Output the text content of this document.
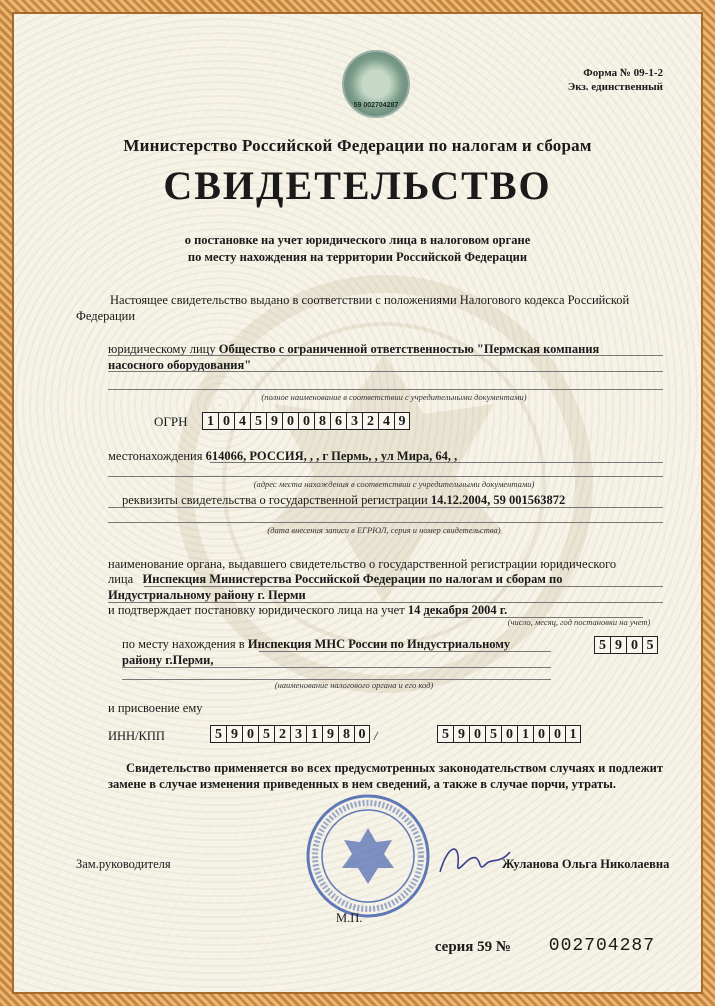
59 002704287
Форма № 09-1-2
Экз. единственный
Министерство Российской Федерации по налогам и сборам
СВИДЕТЕЛЬСТВО
о постановке на учет юридического лица в налоговом органе
по месту нахождения на территории Российской Федерации
Настоящее свидетельство выдано в соответствии с положениями Налогового кодекса Российской Федерации
юридическому лицу Общество с ограниченной ответственностью "Пермская компания
насосного оборудования"
(полное наименование в соответствии с учредительными документами)
ОГРН	1 0 4 5 9 0 0 8 6 3 2 4 9
местонахождения 614066, РОССИЯ, , , г Пермь, , ул Мира, 64, ,
(адрес места нахождения в соответствии с учредительными документами)
реквизиты свидетельства о государственной регистрации 14.12.2004, 59 001563872
(дата внесения записи в ЕГРЮЛ, серия и номер свидетельства)
наименование органа, выдавшего свидетельство о государственной регистрации юридического
лица Инспекция Министерства Российской Федерации по налогам и сборам по
Индустриальному району г. Перми
и подтверждает постановку юридического лица на учет 14 декабря 2004 г.
(число, месяц, год постановки на учет)
по месту нахождения в Инспекция МНС России по Индустриальному
району г.Перми,
5 9 0 5
(наименование налогового органа и его код)
и присвоение ему
ИНН/КПП	5 9 0 5 2 3 1 9 8 0 /	5 9 0 5 0 1 0 0 1
Свидетельство применяется во всех предусмотренных законодательством случаях и подлежит замене в случае изменения приведенных в нем сведений, а также в случае порчи, утраты.
Зам.руководителя	Жуланова Ольга Николаевна
М.П.
серия 59 № 002704287
